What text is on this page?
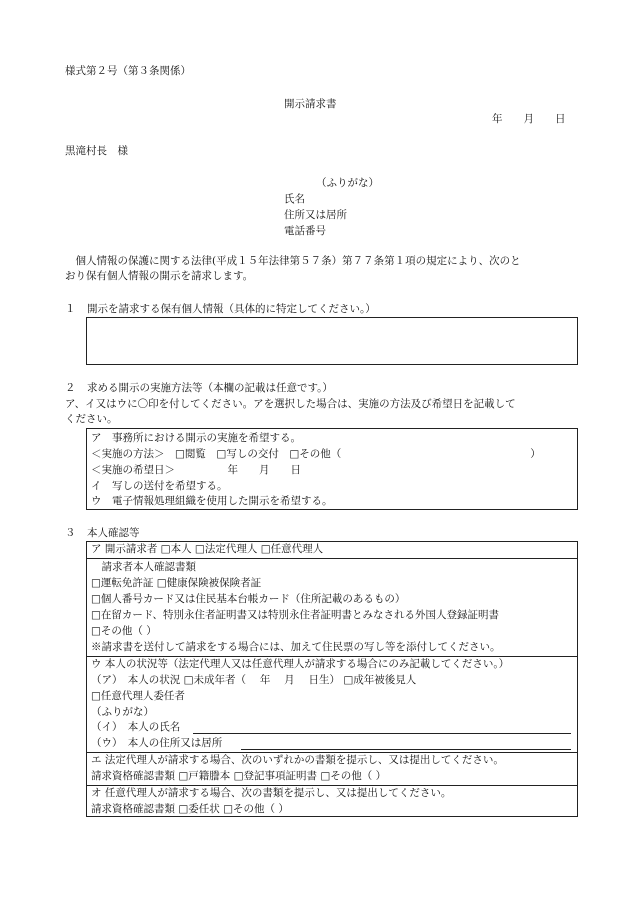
様式第２号（第３条関係）
開示請求書
年　　月　　日
黒滝村長　様
（ふりがな）
氏名
住所又は居所
電話番号
　個人情報の保護に関する法律(平成１５年法律第５７条）第７７条第１項の規定により、次のと
おり保有個人情報の開示を請求します。
１ 開示を請求する保有個人情報（具体的に特定してください。）
２ 求める開示の実施方法等（本欄の記載は任意です。）
ア、イ又はウに〇印を付してください。アを選択した場合は、実施の方法及び希望日を記載して
ください。
ア　事務所における開示の実施を希望する。
＜実施の方法＞　□閲覧　□写しの交付　□その他（　　　　　　　　　　　　　　　　　　）
＜実施の希望日＞　　　　　年　　月　　日
イ　写しの送付を希望する。
ウ　電子情報処理組織を使用した開示を希望する。
３ 本人確認等
ア 開示請求者 □本人 □法定代理人 □任意代理人
　請求者本人確認書類
□運転免許証 □健康保険被保険者証
□個人番号カード又は住民基本台帳カード（住所記載のあるもの）
□在留カード、特別永住者証明書又は特別永住者証明書とみなされる外国人登録証明書
□その他（ ）
※請求書を送付して請求をする場合には、加えて住民票の写し等を添付してください。
ウ 本人の状況等（法定代理人又は任意代理人が請求する場合にのみ記載してください。）
（ア）　本人の状況 □未成年者（　 年　 月　 日生） □成年被後見人
□任意代理人委任者
（ふりがな）
（イ）　本人の氏名
（ウ）　本人の住所又は居所
エ 法定代理人が請求する場合、次のいずれかの書類を提示し、又は提出してください。
請求資格確認書類 □戸籍謄本 □登記事項証明書 □その他（ ）
オ 任意代理人が請求する場合、次の書類を提示し、又は提出してください。
請求資格確認書類 □委任状 □その他（ ）
